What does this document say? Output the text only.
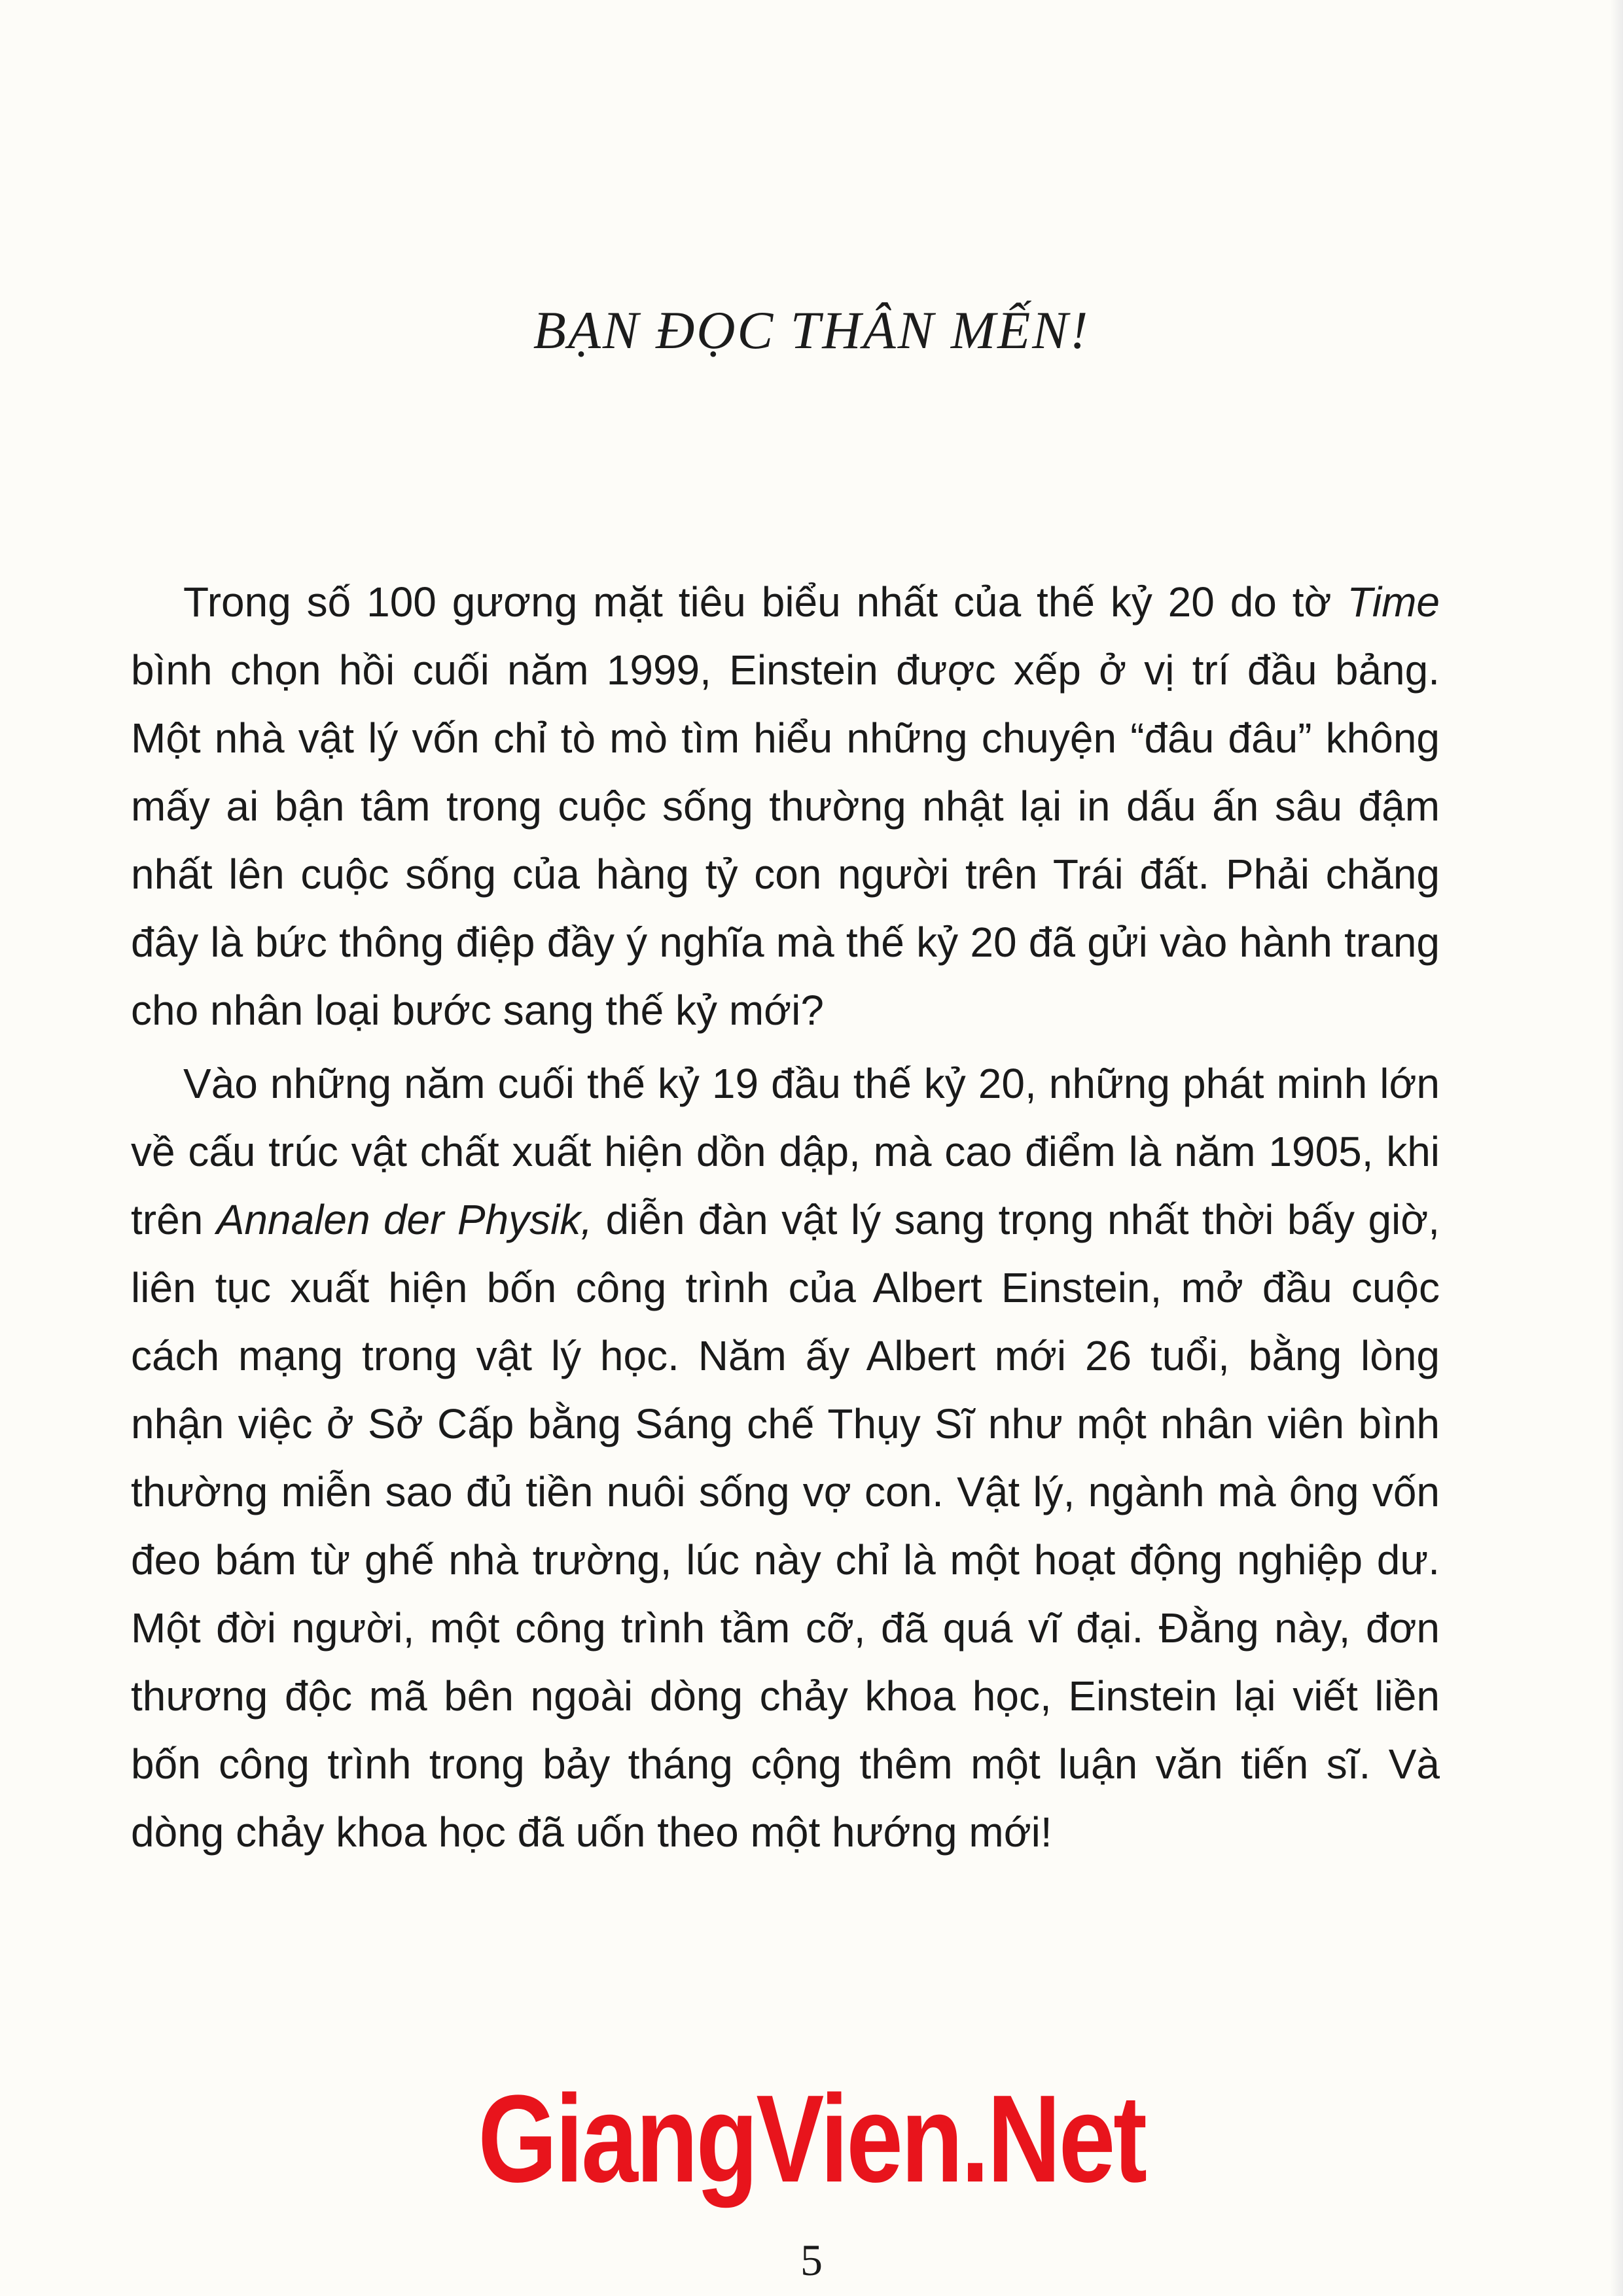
BẠN ĐỌC THÂN MẾN!

Trong số 100 gương mặt tiêu biểu nhất của thế kỷ 20 do tờ Time bình chọn hồi cuối năm 1999, Einstein được xếp ở vị trí đầu bảng. Một nhà vật lý vốn chỉ tò mò tìm hiểu những chuyện “đâu đâu” không mấy ai bận tâm trong cuộc sống thường nhật lại in dấu ấn sâu đậm nhất lên cuộc sống của hàng tỷ con người trên Trái đất. Phải chăng đây là bức thông điệp đầy ý nghĩa mà thế kỷ 20 đã gửi vào hành trang cho nhân loại bước sang thế kỷ mới?

Vào những năm cuối thế kỷ 19 đầu thế kỷ 20, những phát minh lớn về cấu trúc vật chất xuất hiện dồn dập, mà cao điểm là năm 1905, khi trên Annalen der Physik, diễn đàn vật lý sang trọng nhất thời bấy giờ, liên tục xuất hiện bốn công trình của Albert Einstein, mở đầu cuộc cách mạng trong vật lý học. Năm ấy Albert mới 26 tuổi, bằng lòng nhận việc ở Sở Cấp bằng Sáng chế Thụy Sĩ như một nhân viên bình thường miễn sao đủ tiền nuôi sống vợ con. Vật lý, ngành mà ông vốn đeo bám từ ghế nhà trường, lúc này chỉ là một hoạt động nghiệp dư. Một đời người, một công trình tầm cỡ, đã quá vĩ đại. Đằng này, đơn thương độc mã bên ngoài dòng chảy khoa học, Einstein lại viết liền bốn công trình trong bảy tháng cộng thêm một luận văn tiến sĩ. Và dòng chảy khoa học đã uốn theo một hướng mới!

GiangVien.Net
5
